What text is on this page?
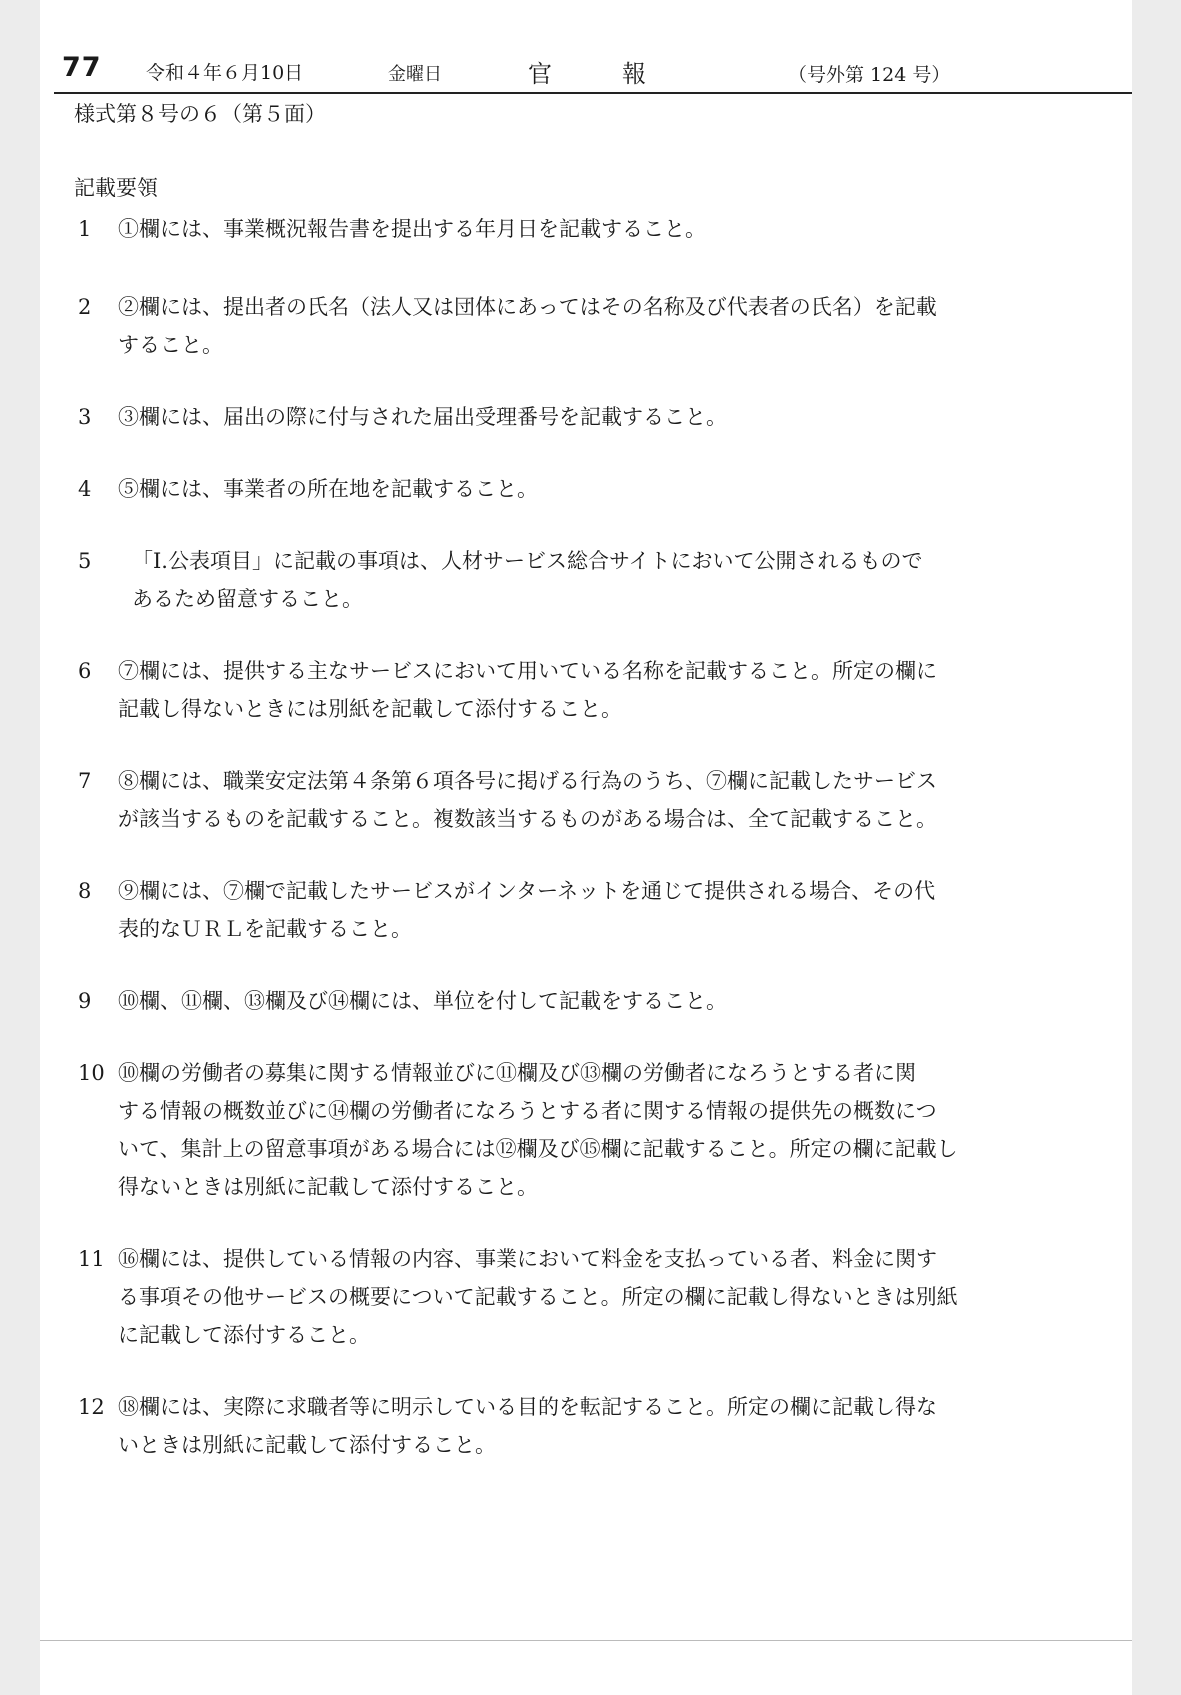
77 令和４年６月10日	金曜日	官	報	（号外第 124 号）
様式第８号の６（第５面）
記載要領
1	①欄には、事業概況報告書を提出する年月日を記載すること。
2	②欄には、提出者の氏名（法人又は団体にあってはその名称及び代表者の氏名）を記載
すること。
3	③欄には、届出の際に付与された届出受理番号を記載すること。
4	⑤欄には、事業者の所在地を記載すること。
5	「Ⅰ.公表項目」に記載の事項は、人材サービス総合サイトにおいて公開されるもので
あるため留意すること。
6	⑦欄には、提供する主なサービスにおいて用いている名称を記載すること。所定の欄に
記載し得ないときには別紙を記載して添付すること。
7	⑧欄には、職業安定法第４条第６項各号に掲げる行為のうち、⑦欄に記載したサービス
が該当するものを記載すること。複数該当するものがある場合は、全て記載すること。
8	⑨欄には、⑦欄で記載したサービスがインターネットを通じて提供される場合、その代
表的なＵＲＬを記載すること。
9	⑩欄、⑪欄、⑬欄及び⑭欄には、単位を付して記載をすること。
10 ⑩欄の労働者の募集に関する情報並びに⑪欄及び⑬欄の労働者になろうとする者に関
する情報の概数並びに⑭欄の労働者になろうとする者に関する情報の提供先の概数につ
いて、集計上の留意事項がある場合には⑫欄及び⑮欄に記載すること。所定の欄に記載し
得ないときは別紙に記載して添付すること。
11 ⑯欄には、提供している情報の内容、事業において料金を支払っている者、料金に関す
る事項その他サービスの概要について記載すること。所定の欄に記載し得ないときは別紙
に記載して添付すること。
12 ⑱欄には、実際に求職者等に明示している目的を転記すること。所定の欄に記載し得な
いときは別紙に記載して添付すること。
